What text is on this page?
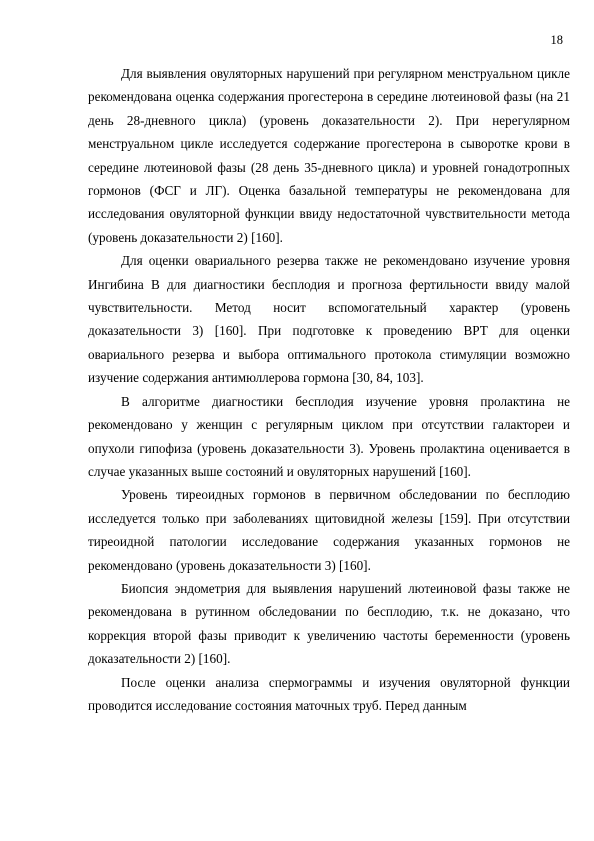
18

Для выявления овуляторных нарушений при регулярном менструальном цикле рекомендована оценка содержания прогестерона в середине лютеиновой фазы (на 21 день 28-дневного цикла) (уровень доказательности 2). При нерегулярном менструальном цикле исследуется содержание прогестерона в сыворотке крови в середине лютеиновой фазы (28 день 35-дневного цикла) и уровней гонадотропных гормонов (ФСГ и ЛГ). Оценка базальной температуры не рекомендована для исследования овуляторной функции ввиду недостаточной чувствительности метода (уровень доказательности 2) [160].

Для оценки овариального резерва также не рекомендовано изучение уровня Ингибина В для диагностики бесплодия и прогноза фертильности ввиду малой чувствительности. Метод носит вспомогательный характер (уровень доказательности 3) [160]. При подготовке к проведению ВРТ для оценки овариального резерва и выбора оптимального протокола стимуляции возможно изучение содержания антимюллерова гормона [30, 84, 103].

В алгоритме диагностики бесплодия изучение уровня пролактина не рекомендовано у женщин с регулярным циклом при отсутствии галактореи и опухоли гипофиза (уровень доказательности 3). Уровень пролактина оценивается в случае указанных выше состояний и овуляторных нарушений [160].

Уровень тиреоидных гормонов в первичном обследовании по бесплодию исследуется только при заболеваниях щитовидной железы [159]. При отсутствии тиреоидной патологии исследование содержания указанных гормонов не рекомендовано (уровень доказательности 3) [160].

Биопсия эндометрия для выявления нарушений лютеиновой фазы также не рекомендована в рутинном обследовании по бесплодию, т.к. не доказано, что коррекция второй фазы приводит к увеличению частоты беременности (уровень доказательности 2) [160].

После оценки анализа спермограммы и изучения овуляторной функции проводится исследование состояния маточных труб. Перед данным
